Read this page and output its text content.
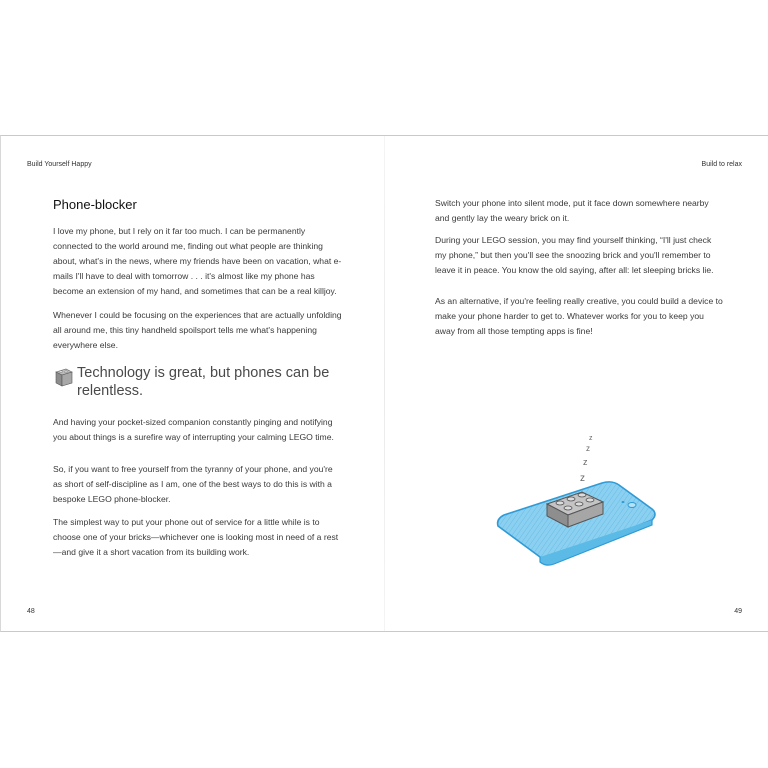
Build Yourself Happy
Phone-blocker

I love my phone, but I rely on it far too much. I can be permanently connected to the world around me, finding out what people are thinking about, what's in the news, where my friends have been on vacation, what e-mails I'll have to deal with tomorrow . . . it's almost like my phone has become an extension of my hand, and sometimes that can be a real killjoy.

Whenever I could be focusing on the experiences that are actually unfolding all around me, this tiny handheld spoilsport tells me what's happening everywhere else.

Technology is great, but phones can be relentless.

And having your pocket-sized companion constantly pinging and notifying you about things is a surefire way of interrupting your calming LEGO time.

So, if you want to free yourself from the tyranny of your phone, and you're as short of self-discipline as I am, one of the best ways to do this is with a bespoke LEGO phone-blocker.

The simplest way to put your phone out of service for a little while is to choose one of your bricks—whichever one is looking most in need of a rest—and give it a short vacation from its building work.

48
Build to relax

Switch your phone into silent mode, put it face down somewhere nearby and gently lay the weary brick on it.

During your LEGO session, you may find yourself thinking, “I'll just check my phone,” but then you'll see the snoozing brick and you'll remember to leave it in peace. You know the old saying, after all: let sleeping bricks lie.

As an alternative, if you're feeling really creative, you could build a device to make your phone harder to get to. Whatever works for you to keep you away from all those tempting apps is fine!

z
z
z
z
49
